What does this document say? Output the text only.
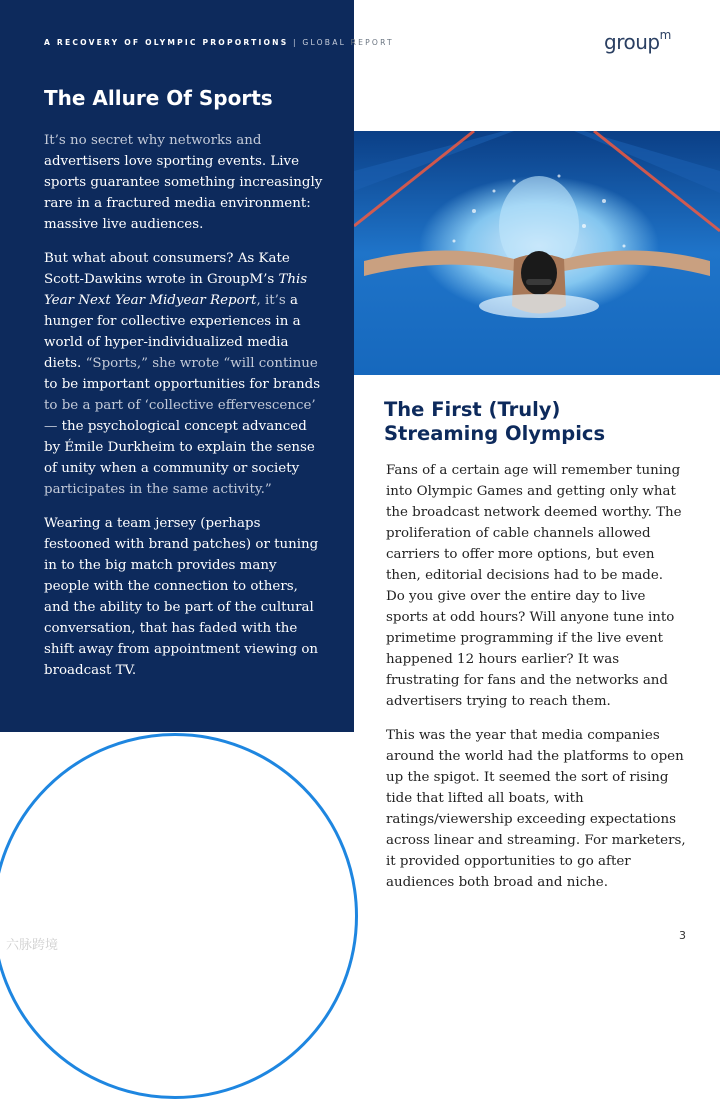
A RECOVERY OF OLYMPIC PROPORTIONS | GLOBAL REPORT	group$^m$
The Allure Of Sports

It’s no secret why networks and advertisers love sporting events. Live sports guarantee something increasingly rare in a fractured media environment: massive live audiences.

But what about consumers? As Kate Scott-Dawkins wrote in GroupM’s This Year Next Year Midyear Report, it’s a hunger for collective experiences in a world of hyper-individualized media diets. “Sports,” she wrote “will continue to be important opportunities for brands to be a part of ‘collective effervescence’ — the psychological concept advanced by Émile Durkheim to explain the sense of unity when a community or society participates in the same activity.”

Wearing a team jersey (perhaps festooned with brand patches) or tuning in to the big match provides many people with the connection to others, and the ability to be part of the cultural conversation, that has faded with the shift away from appointment viewing on broadcast TV.

The First (Truly)
Streaming Olympics

Fans of a certain age will remember tuning into Olympic Games and getting only what the broadcast network deemed worthy. The proliferation of cable channels allowed carriers to offer more options, but even then, editorial decisions had to be made. Do you give over the entire day to live sports at odd hours? Will anyone tune into primetime programming if the live event happened 12 hours earlier? It was frustrating for fans and the networks and advertisers trying to reach them.

This was the year that media companies around the world had the platforms to open up the spigot. It seemed the sort of rising tide that lifted all boats, with ratings/viewership exceeding expectations across linear and streaming. For marketers, it provided opportunities to go after audiences both broad and niche.

六脉跨境
3
